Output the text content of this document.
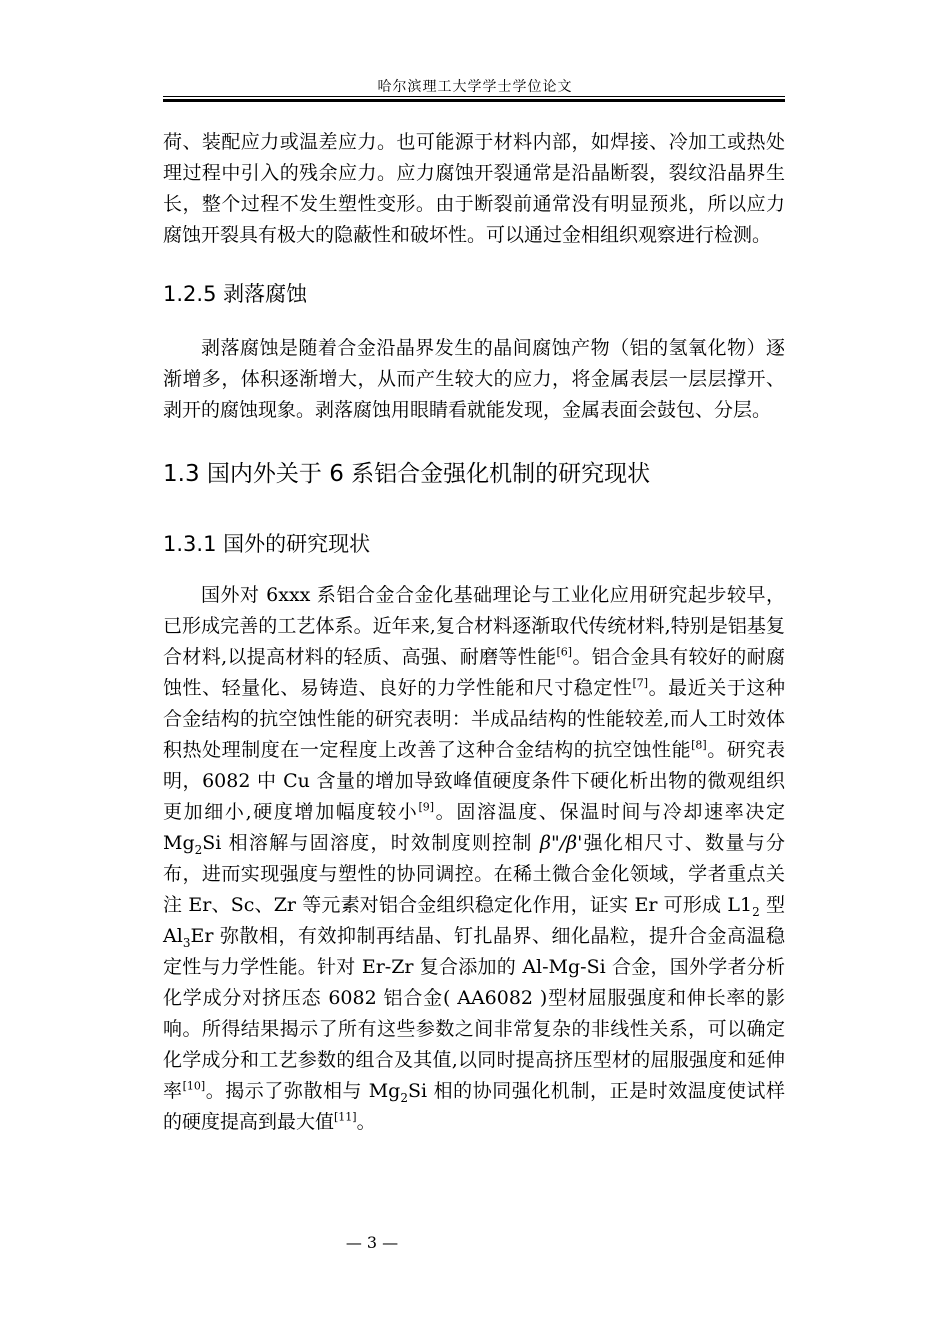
哈尔滨理工大学学士学位论文

荷、装配应力或温差应力。也可能源于材料内部，如焊接、冷加工或热处理过程中引入的残余应力。应力腐蚀开裂通常是沿晶断裂，裂纹沿晶界生长，整个过程不发生塑性变形。由于断裂前通常没有明显预兆，所以应力腐蚀开裂具有极大的隐蔽性和破坏性。可以通过金相组织观察进行检测。

1.2.5 剥落腐蚀

剥落腐蚀是随着合金沿晶界发生的晶间腐蚀产物（铝的氢氧化物）逐渐增多，体积逐渐增大，从而产生较大的应力，将金属表层一层层撑开、剥开的腐蚀现象。剥落腐蚀用眼睛看就能发现，金属表面会鼓包、分层。

1.3 国内外关于 6 系铝合金强化机制的研究现状
1.3.1 国外的研究现状

国外对 6xxx 系铝合金合金化基础理论与工业化应用研究起步较早，已形成完善的工艺体系。近年来,复合材料逐渐取代传统材料,特别是铝基复合材料,以提高材料的轻质、高强、耐磨等性能[6]。铝合金具有较好的耐腐蚀性、轻量化、易铸造、良好的力学性能和尺寸稳定性[7]。最近关于这种合金结构的抗空蚀性能的研究表明：半成品结构的性能较差,而人工时效体积热处理制度在一定程度上改善了这种合金结构的抗空蚀性能[8]。研究表明，6082 中 Cu 含量的增加导致峰值硬度条件下硬化析出物的微观组织更加细小,硬度增加幅度较小[9]。固溶温度、保温时间与冷却速率决定 $Mg_2Si$ 相溶解与固溶度，时效制度则控制 β"/β'强化相尺寸、数量与分布，进而实现强度与塑性的协同调控。在稀土微合金化领域，学者重点关注 Er、Sc、Zr 等元素对铝合金组织稳定化作用，证实 Er 可形成 $L1_2$ 型 $Al_3Er$ 弥散相，有效抑制再结晶、钉扎晶界、细化晶粒，提升合金高温稳定性与力学性能。针对 Er-Zr 复合添加的 Al-Mg-Si 合金，国外学者分析化学成分对挤压态 6082 铝合金( AA6082 )型材屈服强度和伸长率的影响。所得结果揭示了所有这些参数之间非常复杂的非线性关系，可以确定化学成分和工艺参数的组合及其值,以同时提高挤压型材的屈服强度和延伸率[10]。揭示了弥散相与 $Mg_2Si$ 相的协同强化机制，正是时效温度使试样的硬度提高到最大值[11]。

— 3 —
